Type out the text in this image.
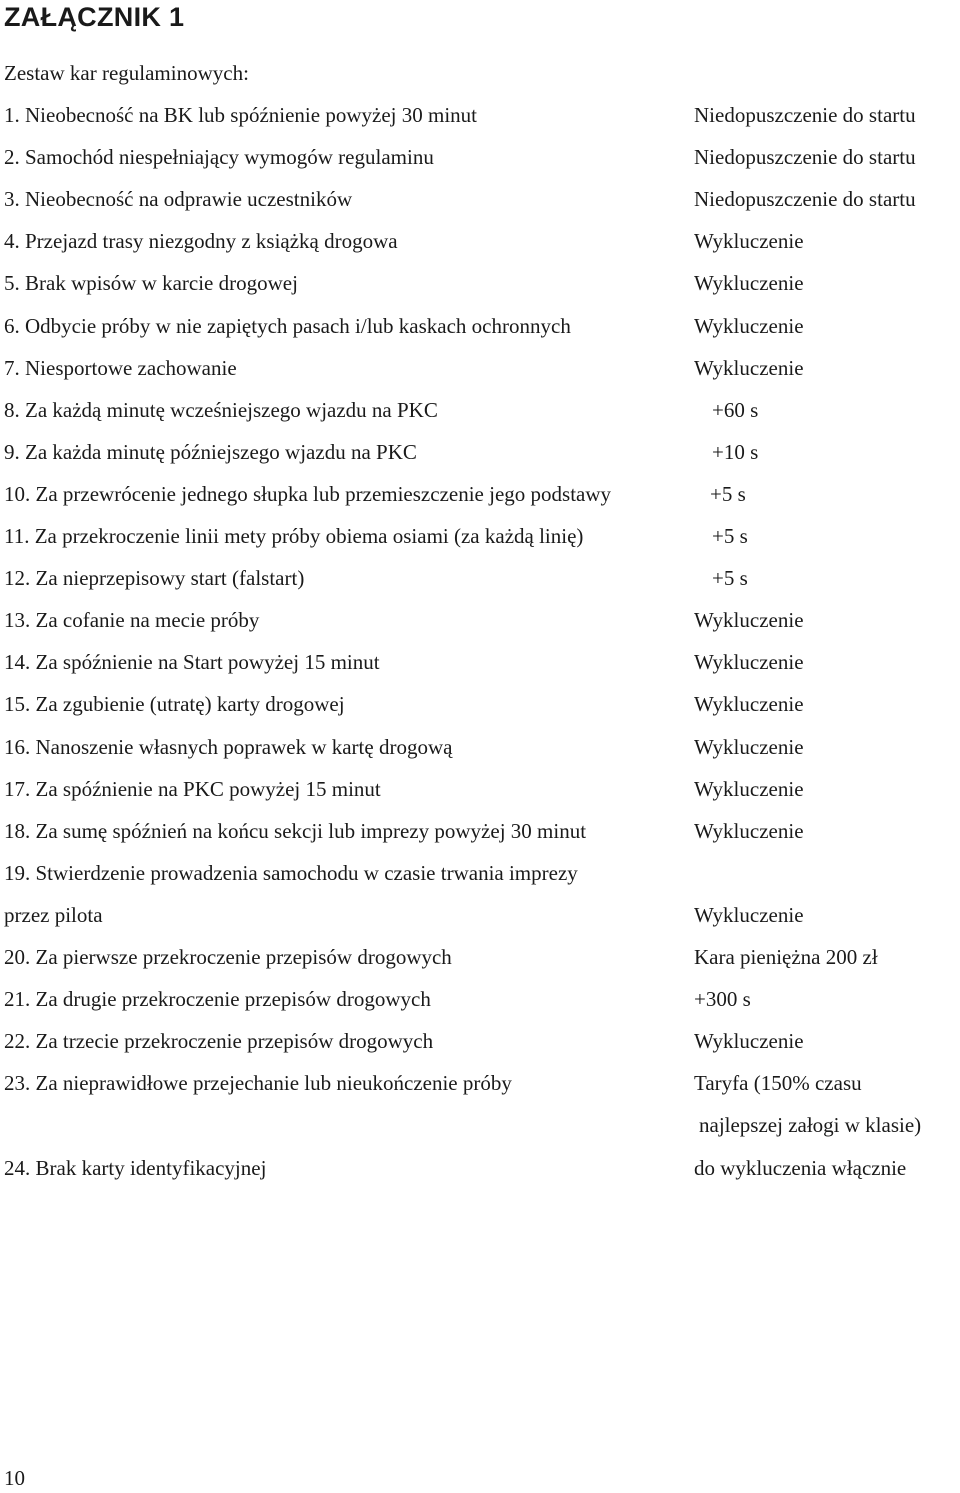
ZAŁĄCZNIK 1
Zestaw kar regulaminowych:
1. Nieobecność na BK lub spóźnienie powyżej 30 minut	Niedopuszczenie do startu
2. Samochód niespełniający wymogów regulaminu	Niedopuszczenie do startu
3. Nieobecność na odprawie uczestników	Niedopuszczenie do startu
4. Przejazd trasy niezgodny z książką drogowa	Wykluczenie
5. Brak wpisów w karcie drogowej	Wykluczenie
6. Odbycie próby w nie zapiętych pasach i/lub kaskach ochronnych	Wykluczenie
7. Niesportowe zachowanie	Wykluczenie
8. Za każdą minutę wcześniejszego wjazdu na PKC	+60 s
9. Za każda minutę późniejszego wjazdu na PKC	+10 s
10. Za przewrócenie jednego słupka lub przemieszczenie jego podstawy	+5 s
11. Za przekroczenie linii mety próby obiema osiami (za każdą linię)	+5 s
12. Za nieprzepisowy start (falstart)	+5 s
13. Za cofanie na mecie próby	Wykluczenie
14. Za spóźnienie na Start powyżej 15 minut	Wykluczenie
15. Za zgubienie (utratę) karty drogowej	Wykluczenie
16. Nanoszenie własnych poprawek w kartę drogową	Wykluczenie
17. Za spóźnienie na PKC powyżej 15 minut	Wykluczenie
18. Za sumę spóźnień na końcu sekcji lub imprezy powyżej 30 minut	Wykluczenie
19. Stwierdzenie prowadzenia samochodu w czasie trwania imprezy
przez pilota	Wykluczenie
20. Za pierwsze przekroczenie przepisów drogowych	Kara pieniężna 200 zł
21. Za drugie przekroczenie przepisów drogowych	+300 s
22. Za trzecie przekroczenie przepisów drogowych	Wykluczenie
23. Za nieprawidłowe przejechanie lub nieukończenie próby	Taryfa (150% czasu
najlepszej załogi w klasie)
24. Brak karty identyfikacyjnej	do wykluczenia włącznie
10
